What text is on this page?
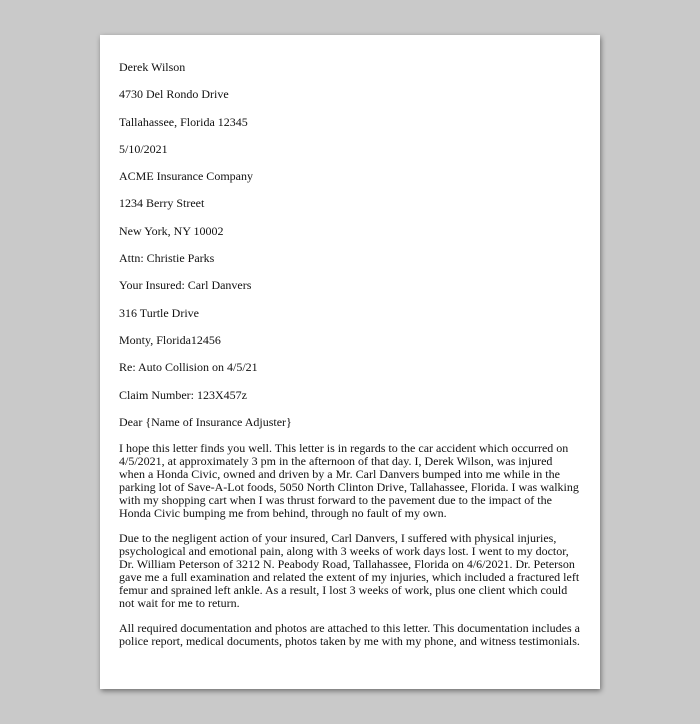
Derek Wilson
4730 Del Rondo Drive
Tallahassee, Florida 12345
5/10/2021
ACME Insurance Company
1234 Berry Street
New York, NY 10002
Attn: Christie Parks
Your Insured: Carl Danvers
316 Turtle Drive
Monty, Florida12456
Re: Auto Collision on 4/5/21
Claim Number: 123X457z
Dear {Name of Insurance Adjuster}

I hope this letter finds you well. This letter is in regards to the car accident which occurred on 4/5/2021, at approximately 3 pm in the afternoon of that day. I, Derek Wilson, was injured when a Honda Civic, owned and driven by a Mr. Carl Danvers bumped into me while in the parking lot of Save-A-Lot foods, 5050 North Clinton Drive, Tallahassee, Florida. I was walking with my shopping cart when I was thrust forward to the pavement due to the impact of the Honda Civic bumping me from behind, through no fault of my own.

Due to the negligent action of your insured, Carl Danvers, I suffered with physical injuries, psychological and emotional pain, along with 3 weeks of work days lost. I went to my doctor, Dr. William Peterson of 3212 N. Peabody Road, Tallahassee, Florida on 4/6/2021. Dr. Peterson gave me a full examination and related the extent of my injuries, which included a fractured left femur and sprained left ankle. As a result, I lost 3 weeks of work, plus one client which could not wait for me to return.

All required documentation and photos are attached to this letter. This documentation includes a police report, medical documents, photos taken by me with my phone, and witness testimonials.
